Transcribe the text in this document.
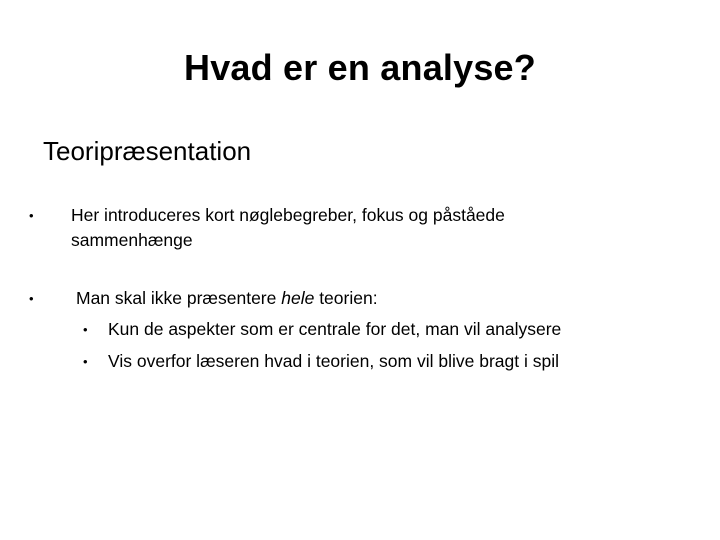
Hvad er en analyse?
Teoripræsentation
• Her introduceres kort nøglebegreber, fokus og påståede sammenhænge
• Man skal ikke præsentere hele teorien:
• Kun de aspekter som er centrale for det, man vil analysere
• Vis overfor læseren hvad i teorien, som vil blive bragt i spil
